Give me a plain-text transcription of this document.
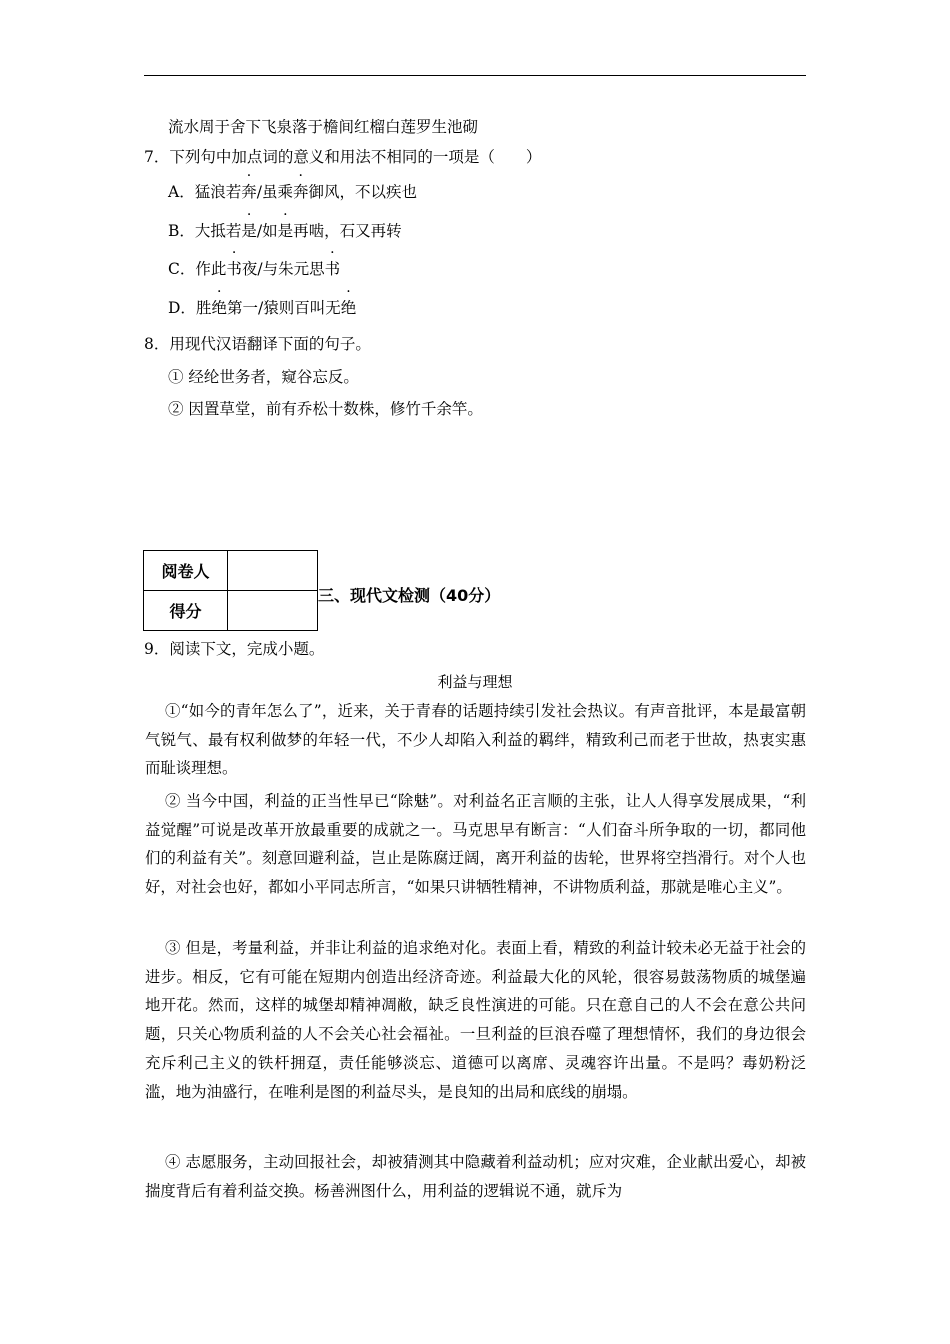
流水周于舍下飞泉落于檐间红榴白莲罗生池砌
7．下列句中加点词的意义和用法不相同的一项是（　　）
A．猛浪若奔/虽乘奔御风，不以疾也
B．大抵若是/如是再啮，石又再转
C．作此书夜/与朱元思书
D．胜绝第一/猿则百叫无绝
8．用现代汉语翻译下面的句子。
① 经纶世务者，窥谷忘反。
② 因置草堂，前有乔松十数株，修竹千余竿。
阅卷人	
得分	
三、现代文检测（40分）
9．阅读下文，完成小题。
利益与理想

①“如今的青年怎么了”，近来，关于青春的话题持续引发社会热议。有声音批评，本是最富朝气锐气、最有权利做梦的年轻一代，不少人却陷入利益的羁绊，精致利己而老于世故，热衷实惠而耻谈理想。

② 当今中国，利益的正当性早已“除魅”。对利益名正言顺的主张，让人人得享发展成果，“利益觉醒”可说是改革开放最重要的成就之一。马克思早有断言：“人们奋斗所争取的一切，都同他们的利益有关”。刻意回避利益，岂止是陈腐迂阔，离开利益的齿轮，世界将空挡滑行。对个人也好，对社会也好，都如小平同志所言，“如果只讲牺牲精神，不讲物质利益，那就是唯心主义”。

③ 但是，考量利益，并非让利益的追求绝对化。表面上看，精致的利益计较未必无益于社会的进步。相反，它有可能在短期内创造出经济奇迹。利益最大化的风轮，很容易鼓荡物质的城堡遍地开花。然而，这样的城堡却精神凋敝，缺乏良性演进的可能。只在意自己的人不会在意公共问题，只关心物质利益的人不会关心社会福祉。一旦利益的巨浪吞噬了理想情怀，我们的身边很会充斥利己主义的铁杆拥趸，责任能够淡忘、道德可以离席、灵魂容许出量。不是吗？毒奶粉泛滥，地为油盛行，在唯利是图的利益尽头，是良知的出局和底线的崩塌。

④ 志愿服务，主动回报社会，却被猜测其中隐藏着利益动机；应对灾难，企业献出爱心，却被揣度背后有着利益交换。杨善洲图什么，用利益的逻辑说不通，就斥为
